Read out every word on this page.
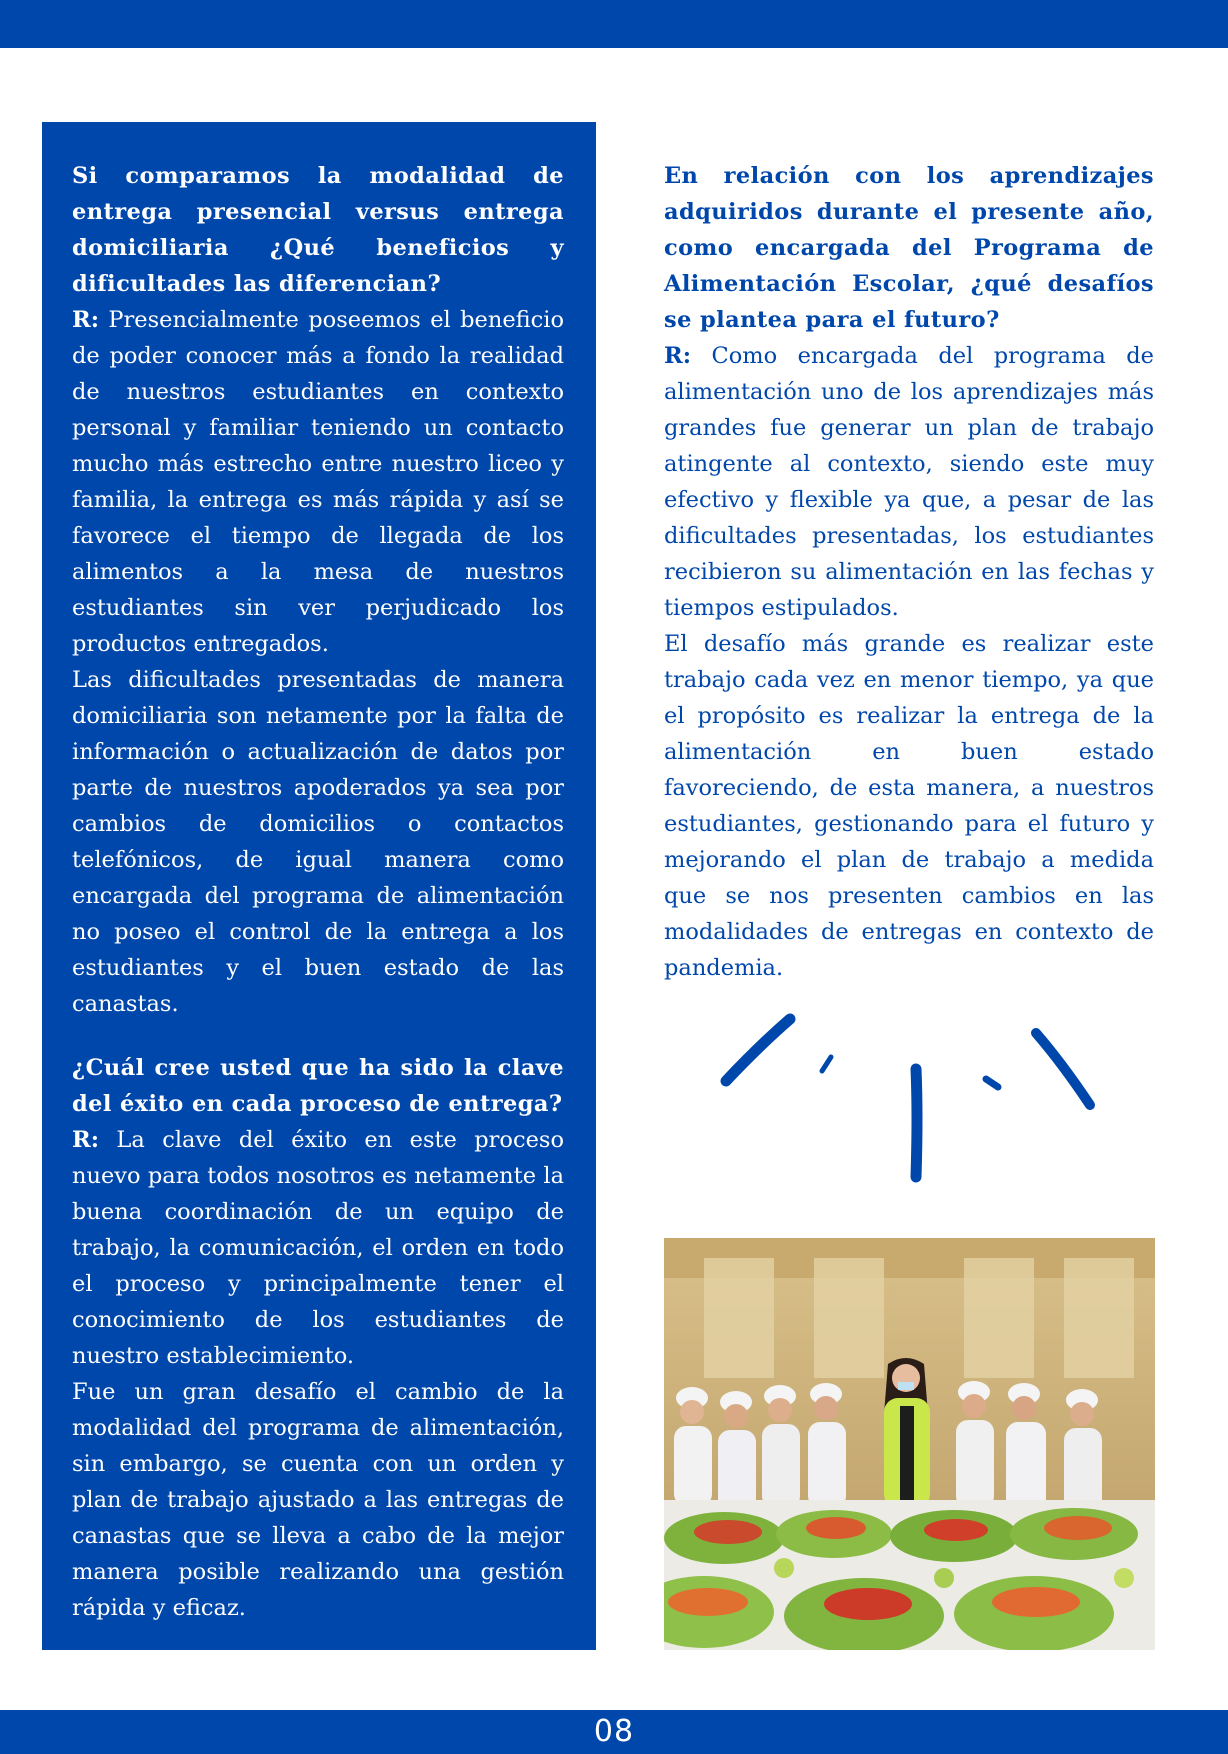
Si comparamos la modalidad de entrega presencial versus entrega domiciliaria ¿Qué beneficios y dificultades las diferencian?

R: Presencialmente poseemos el beneficio de poder conocer más a fondo la realidad de nuestros estudiantes en contexto personal y familiar teniendo un contacto mucho más estrecho entre nuestro liceo y familia, la entrega es más rápida y así se favorece el tiempo de llegada de los alimentos a la mesa de nuestros estudiantes sin ver perjudicado los productos entregados.

Las dificultades presentadas de manera domiciliaria son netamente por la falta de información o actualización de datos por parte de nuestros apoderados ya sea por cambios de domicilios o contactos telefónicos, de igual manera como encargada del programa de alimentación no poseo el control de la entrega a los estudiantes y el buen estado de las canastas.

¿Cuál cree usted que ha sido la clave del éxito en cada proceso de entrega?

R: La clave del éxito en este proceso nuevo para todos nosotros es netamente la buena coordinación de un equipo de trabajo, la comunicación, el orden en todo el proceso y principalmente tener el conocimiento de los estudiantes de nuestro establecimiento.

Fue un gran desafío el cambio de la modalidad del programa de alimentación, sin embargo, se cuenta con un orden y plan de trabajo ajustado a las entregas de canastas que se lleva a cabo de la mejor manera posible realizando una gestión rápida y eficaz.

En relación con los aprendizajes adquiridos durante el presente año, como encargada del Programa de Alimentación Escolar, ¿qué desafíos se plantea para el futuro?

R: Como encargada del programa de alimentación uno de los aprendizajes más grandes fue generar un plan de trabajo atingente al contexto, siendo este muy efectivo y flexible ya que, a pesar de las dificultades presentadas, los estudiantes recibieron su alimentación en las fechas y tiempos estipulados.

El desafío más grande es realizar este trabajo cada vez en menor tiempo, ya que el propósito es realizar la entrega de la alimentación en buen estado favoreciendo, de esta manera, a nuestros estudiantes, gestionando para el futuro y mejorando el plan de trabajo a medida que se nos presenten cambios en las modalidades de entregas en contexto de pandemia.

08
